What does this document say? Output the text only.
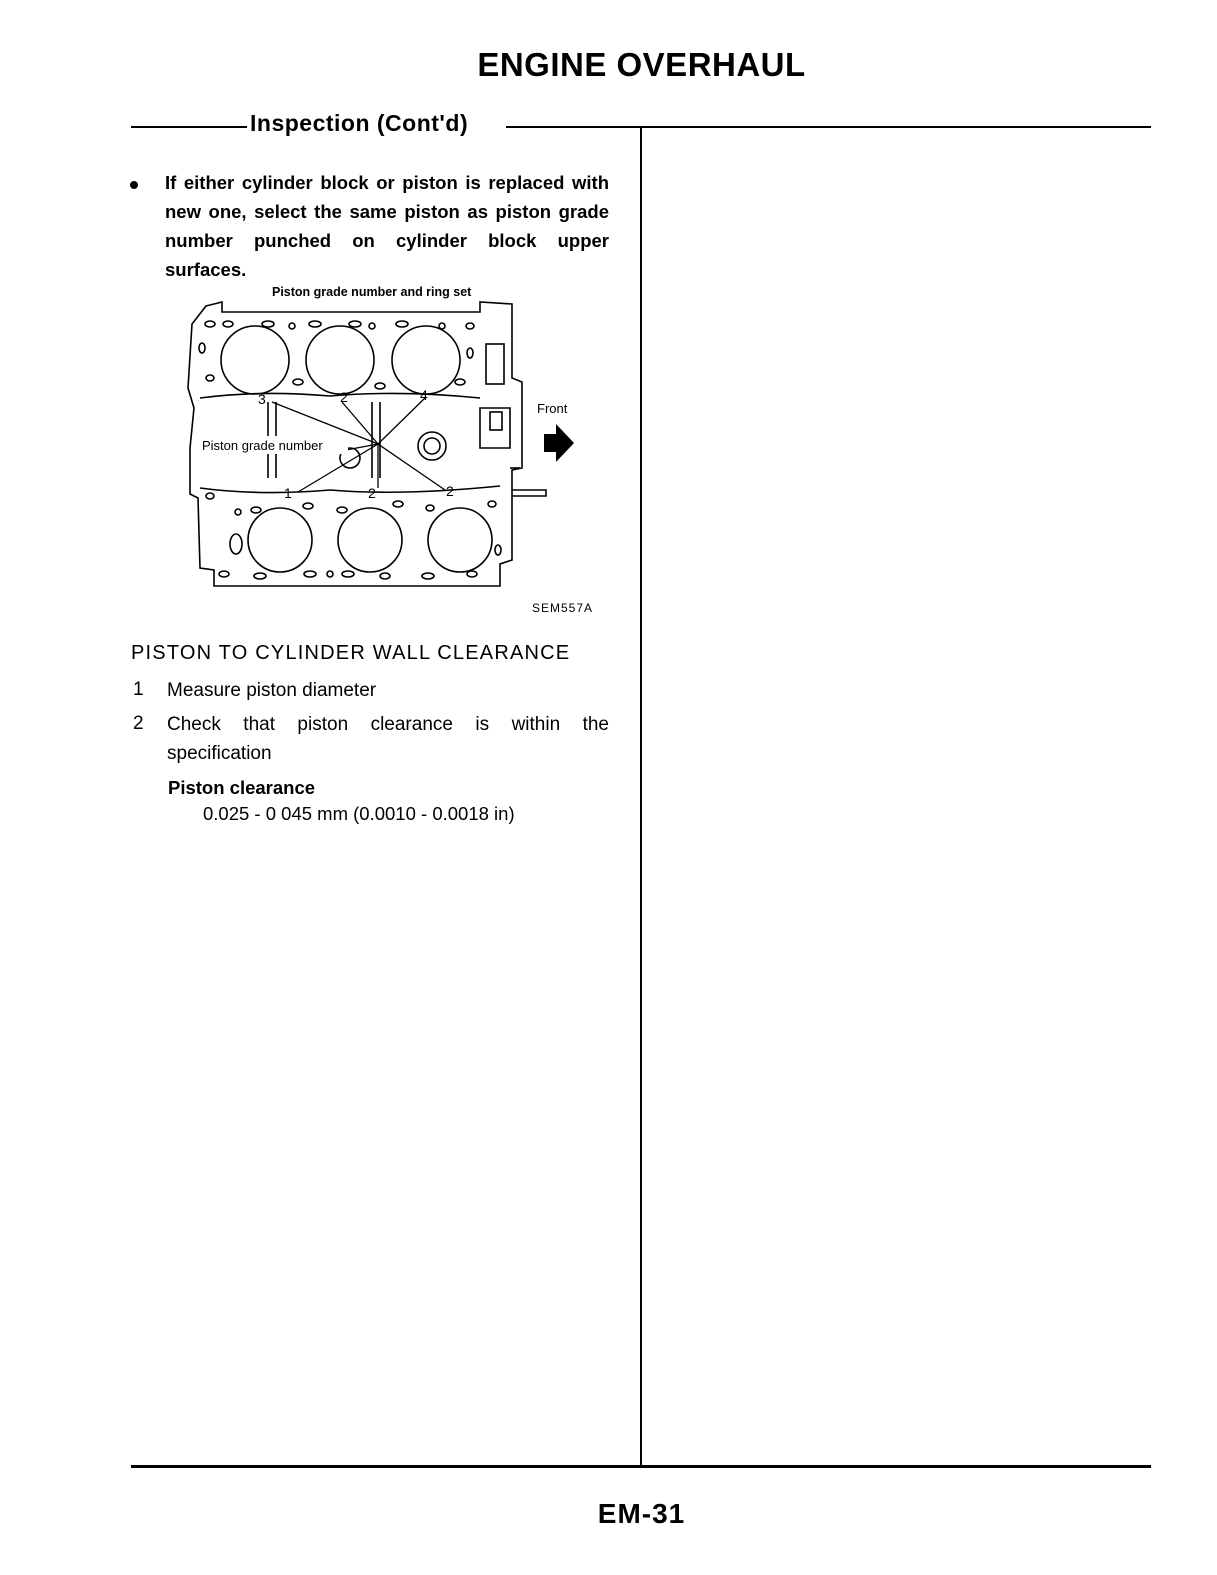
ENGINE OVERHAUL
Inspection (Cont'd)
If either cylinder block or piston is replaced with new one, select the same piston as piston grade number punched on cylinder block upper surfaces.
Piston grade number and ring set
3	2	4
1	2	2
Piston grade number
Front
SEM557A
PISTON TO CYLINDER WALL CLEARANCE
1 Measure piston diameter
2 Check that piston clearance is within the specification
Piston clearance
0.025 - 0 045 mm (0.0010 - 0.0018 in)
EM-31
